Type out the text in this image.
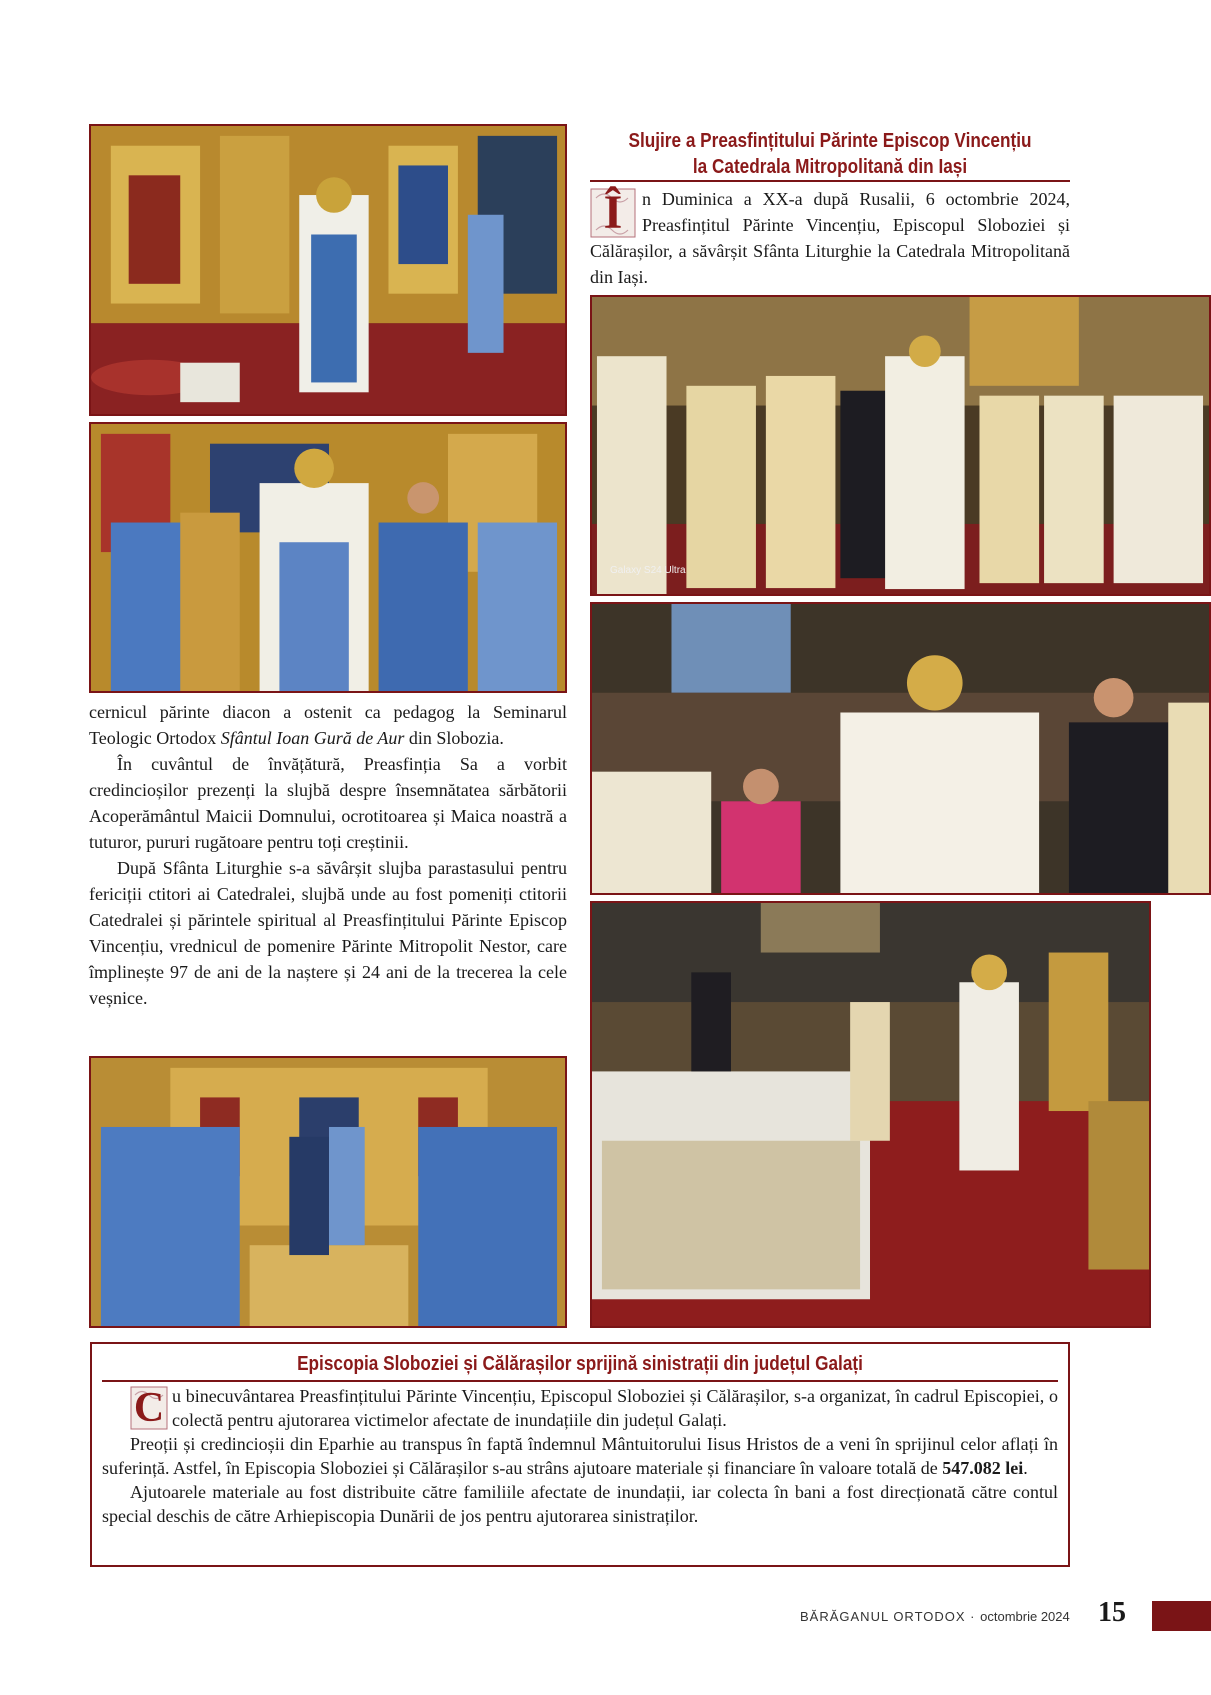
Galaxy S24 Ultra
Slujire a Preasfințitului Părinte Episcop Vincențiu
la Catedrala Mitropolitană din Iași
Î	n Duminica a XX-a după Rusalii, 6 octombrie 2024, Preasfințitul Părinte Vincențiu, Episcopul Sloboziei și Călărașilor, a săvârșit Sfânta Liturghie la Catedrala Mitropolitană din Iași.

cernicul părinte diacon a ostenit ca pedagog la Seminarul Teologic Ortodox Sfântul Ioan Gură de Aur din Slobozia.

În cuvântul de învățătură, Preasfinția Sa a vorbit credincioșilor prezenți la slujbă despre însemnătatea sărbătorii Acoperământul Maicii Domnului, ocrotitoarea și Maica noastră a tuturor, pururi rugătoare pentru toți creștinii.

După Sfânta Liturghie s-a săvârșit slujba parastasului pentru fericiții ctitori ai Catedralei, slujbă unde au fost pomeniți ctitorii Catedralei și părintele spiritual al Preasfințitului Părinte Episcop Vincențiu, vrednicul de pomenire Părinte Mitropolit Nestor, care împlinește 97 de ani de la naștere și 24 ani de la trecerea la cele veșnice.

Episcopia Sloboziei și Călărașilor sprijină sinistrații din județul Galați
C u binecuvântarea Preasfințitului Părinte Vincențiu, Episcopul Sloboziei și Călărașilor, s-a organizat, în cadrul Episcopiei, o colectă pentru ajutorarea victimelor afectate de inundațiile din județul Galați.

Preoții și credincioșii din Eparhie au transpus în faptă îndemnul Mântuitorului Iisus Hristos de a veni în sprijinul celor aflați în suferință. Astfel, în Episcopia Sloboziei și Călărașilor s-au strâns ajutoare materiale și financiare în valoare totală de 547.082 lei.

Ajutoarele materiale au fost distribuite către familiile afectate de inundații, iar colecta în bani a fost direcționată către contul special deschis de către Arhiepiscopia Dunării de jos pentru ajutorarea sinistraților.

BĂRĂGANUL ORTODOX · octombrie 2024 15
